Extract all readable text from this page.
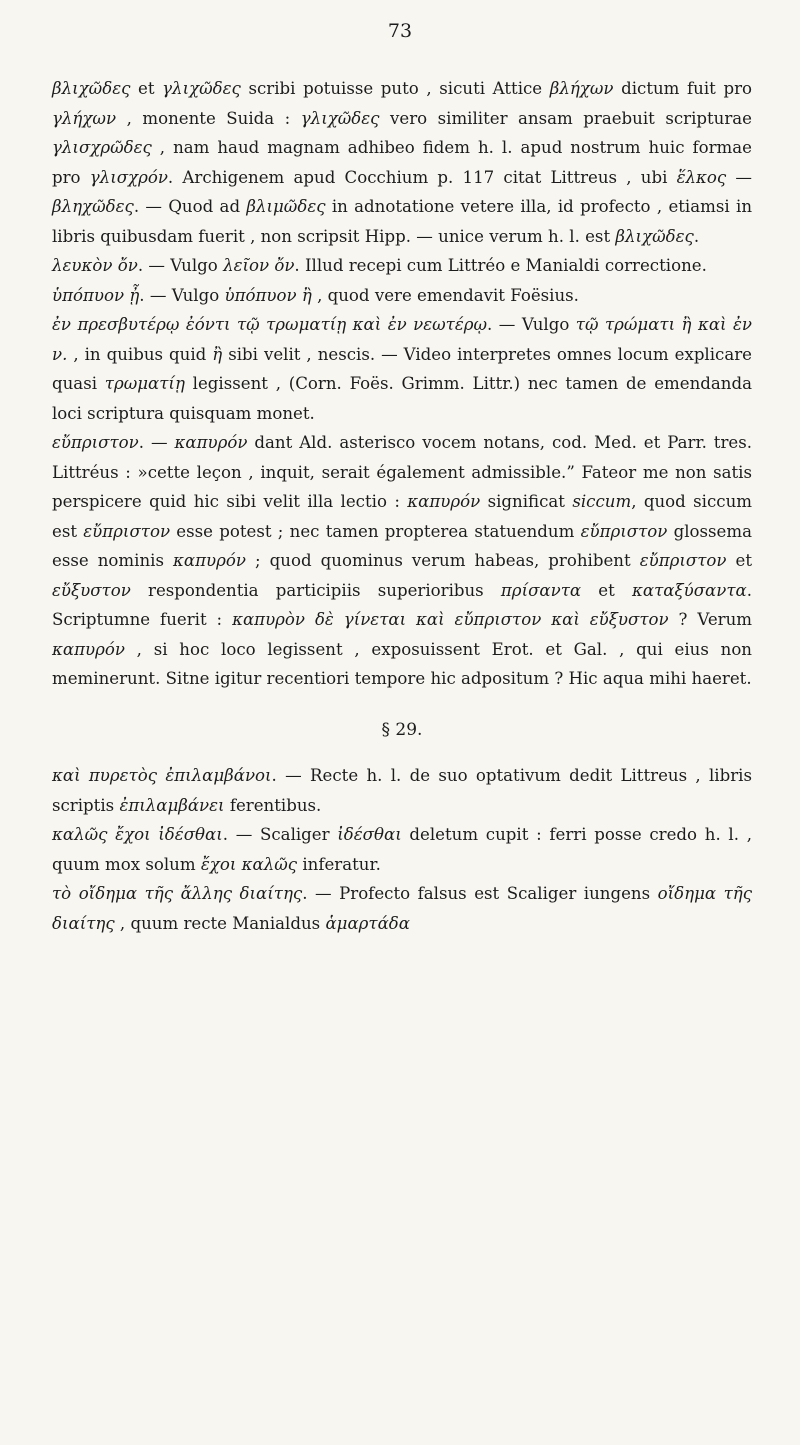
73

βλιχῶδες et γλιχῶδες scribi potuisse puto , sicuti Attice βλήχων dictum fuit pro γλήχων , monente Suida : γλιχῶδες vero similiter ansam praebuit scripturae γλισχρῶδες , nam haud magnam adhibeo fidem h. l. apud nostrum huic formae pro γλισχρόν. Archigenem apud Cocchium p. 117 citat Littreus , ubi ἕλκος — βληχῶδες. — Quod ad βλιμῶδες in adnotatione vetere illa, id profecto , etiamsi in libris quibusdam fuerit , non scripsit Hipp. — unice verum h. l. est βλιχῶδες.

λευκὸν ὄν. — Vulgo λεῖον ὄν. Illud recepi cum Littréo e Manialdi correctione.

ὑπόπυον ᾖ. — Vulgo ὑπόπυον ἢ , quod vere emendavit Foësius.

ἐν πρεσβυτέρῳ ἐόντι τῷ τρωματίῃ καὶ ἐν νεωτέρῳ. — Vulgo τῷ τρώματι ἢ καὶ ἐν ν. , in quibus quid ἢ sibi velit , nescis. — Video interpretes omnes locum explicare quasi τρωματίῃ legissent , (Corn. Foës. Grimm. Littr.) nec tamen de emendanda loci scriptura quisquam monet.

εὔπριστον. — καπυρόν dant Ald. asterisco vocem notans, cod. Med. et Parr. tres. Littréus : »cette leçon , inquit, serait également admissible.” Fateor me non satis perspicere quid hic sibi velit illa lectio : καπυρόν significat siccum, quod siccum est εὔπριστον esse potest ; nec tamen propterea statuendum εὔπριστον glossema esse nominis καπυρόν ; quod quominus verum habeas, prohibent εὔπριστον et εὔξυστον respondentia participiis superioribus πρίσαντα et καταξύσαντα. Scriptumne fuerit : καπυρὸν δὲ γίνεται καὶ εὔπριστον καὶ εὔξυστον ? Verum καπυρόν , si hoc loco legissent , exposuissent Erot. et Gal. , qui eius non meminerunt. Sitne igitur recentiori tempore hic adpositum ? Hic aqua mihi haeret.

§ 29.

καὶ πυρετὸς ἐπιλαμβάνοι. — Recte h. l. de suo optativum dedit Littreus , libris scriptis ἐπιλαμβάνει ferentibus.

καλῶς ἔχοι ἰδέσθαι. — Scaliger ἰδέσθαι deletum cupit : ferri posse credo h. l. , quum mox solum ἔχοι καλῶς inferatur.

τὸ οἴδημα τῆς ἄλλης διαίτης. — Profecto falsus est Scaliger iungens οἴδημα τῆς διαίτης , quum recte Manialdus ἁμαρτάδα
